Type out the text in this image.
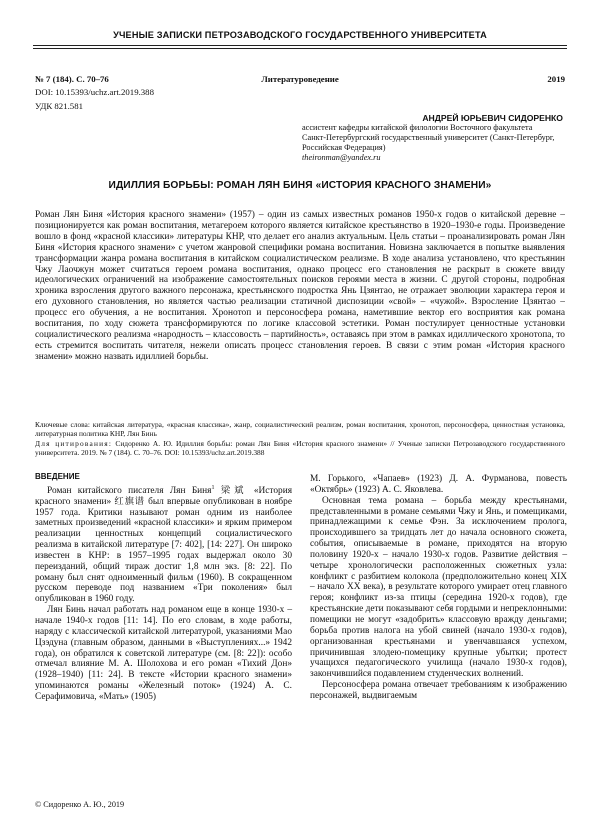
УЧЕНЫЕ ЗАПИСКИ ПЕТРОЗАВОДСКОГО ГОСУДАРСТВЕННОГО УНИВЕРСИТЕТА
№ 7 (184). С. 70–76	Литературоведение	2019
DOI: 10.15393/uchz.art.2019.388
УДК 821.581
АНДРЕЙ ЮРЬЕВИЧ СИДОРЕНКО
ассистент кафедры китайской филологии Восточного факультета
Санкт-Петербургский государственный университет (Санкт-Петербург, Российская Федерация)
theironman@yandex.ru
ИДИЛЛИЯ БОРЬБЫ: РОМАН ЛЯН БИНЯ «ИСТОРИЯ КРАСНОГО ЗНАМЕНИ»

Роман Лян Биня «История красного знамени» (1957) – один из самых известных романов 1950-х годов о китайской деревне – позиционируется как роман воспитания, метагероем которого является китайское крестьянство в 1920–1930-е годы. Произведение вошло в фонд «красной классики» литературы КНР, что делает его анализ актуальным. Цель статьи – проанализировать роман Лян Биня «История красного знамени» с учетом жанровой специфики романа воспитания. Новизна заключается в попытке выявления трансформации жанра романа воспитания в китайском социалистическом реализме. В ходе анализа установлено, что крестьянин Чжу Лаочжун может считаться героем романа воспитания, однако процесс его становления не раскрыт в сюжете ввиду идеологических ограничений на изображение самостоятельных поисков героями места в жизни. С другой стороны, подробная хроника взросления другого важного персонажа, крестьянского подростка Янь Цзянтао, не отражает эволюции характера героя и его духовного становления, но является частью реализации статичной диспозиции «свой» – «чужой». Взросление Цзянтао – процесс его обучения, а не воспитания. Хронотоп и персоносфера романа, наметившие вектор его восприятия как романа воспитания, по ходу сюжета трансформируются по логике классовой эстетики. Роман постулирует ценностные установки социалистического реализма «народность – классовость – партийность», оставаясь при этом в рамках идиллического хронотопа, то есть стремится воспитать читателя, нежели описать процесс становления героев. В связи с этим роман «История красного знамени» можно назвать идиллией борьбы.

Ключевые слова: китайская литература, «красная классика», жанр, социалистический реализм, роман воспитания, хронотоп, персоносфера, ценностная установка, литературная политика КНР, Лян Бинь

Для цитирования: Сидоренко А. Ю. Идиллия борьбы: роман Лян Биня «История красного знамени» // Ученые записки Петрозаводского государственного университета. 2019. № 7 (184). С. 70–76. DOI: 10.15393/uchz.art.2019.388

ВВЕДЕНИЕ

Роман китайского писателя Лян Биня$^1$ 梁斌 «История красного знамени» 红旗谱 был впервые опубликован в ноябре 1957 года. Критики называют роман одним из наиболее заметных произведений «красной классики» и ярким примером реализации ценностных концепций социалистического реализма в китайской литературе [7: 402], [14: 227]. Он широко известен в КНР: в 1957–1995 годах выдержал около 30 переизданий, общий тираж достиг 1,8 млн экз. [8: 22]. По роману был снят одноименный фильм (1960). В сокращенном русском переводе под названием «Три поколения» был опубликован в 1960 году.

Лян Бинь начал работать над романом еще в конце 1930-х – начале 1940-х годов [11: 14]. По его словам, в ходе работы, наряду с классической китайской литературой, указаниями Мао Цзэдуна (главным образом, данными в «Выступлениях...» 1942 года), он обратился к советской литературе (см. [8: 22]): особо отмечал влияние М. А. Шолохова и его роман «Тихий Дон» (1928–1940) [11: 24]. В тексте «Истории красного знамени» упоминаются романы «Железный поток» (1924) А. С. Серафимовича, «Мать» (1905)

М. Горького, «Чапаев» (1923) Д. А. Фурманова, повесть «Октябрь» (1923) А. С. Яковлева.

Основная тема романа – борьба между крестьянами, представленными в романе семьями Чжу и Янь, и помещиками, принадлежащими к семье Фэн. За исключением пролога, происходившего за тридцать лет до начала основного сюжета, события, описываемые в романе, приходятся на вторую половину 1920-х – начало 1930-х годов. Развитие действия – четыре хронологически расположенных сюжетных узла: конфликт с разбитием колокола (предположительно конец XIX – начало XX века), в результате которого умирает отец главного героя; конфликт из-за птицы (середина 1920-х годов), где крестьянские дети показывают себя гордыми и непреклонными: помещики не могут «задобрить» классовую вражду деньгами; борьба против налога на убой свиней (начало 1930-х годов), организованная крестьянами и увенчавшаяся успехом, причинившая злодею-помещику крупные убытки; протест учащихся педагогического училища (начало 1930-х годов), закончившийся подавлением студенческих волнений.

Персоносфера романа отвечает требованиям к изображению персонажей, выдвигаемым

© Сидоренко А. Ю., 2019
